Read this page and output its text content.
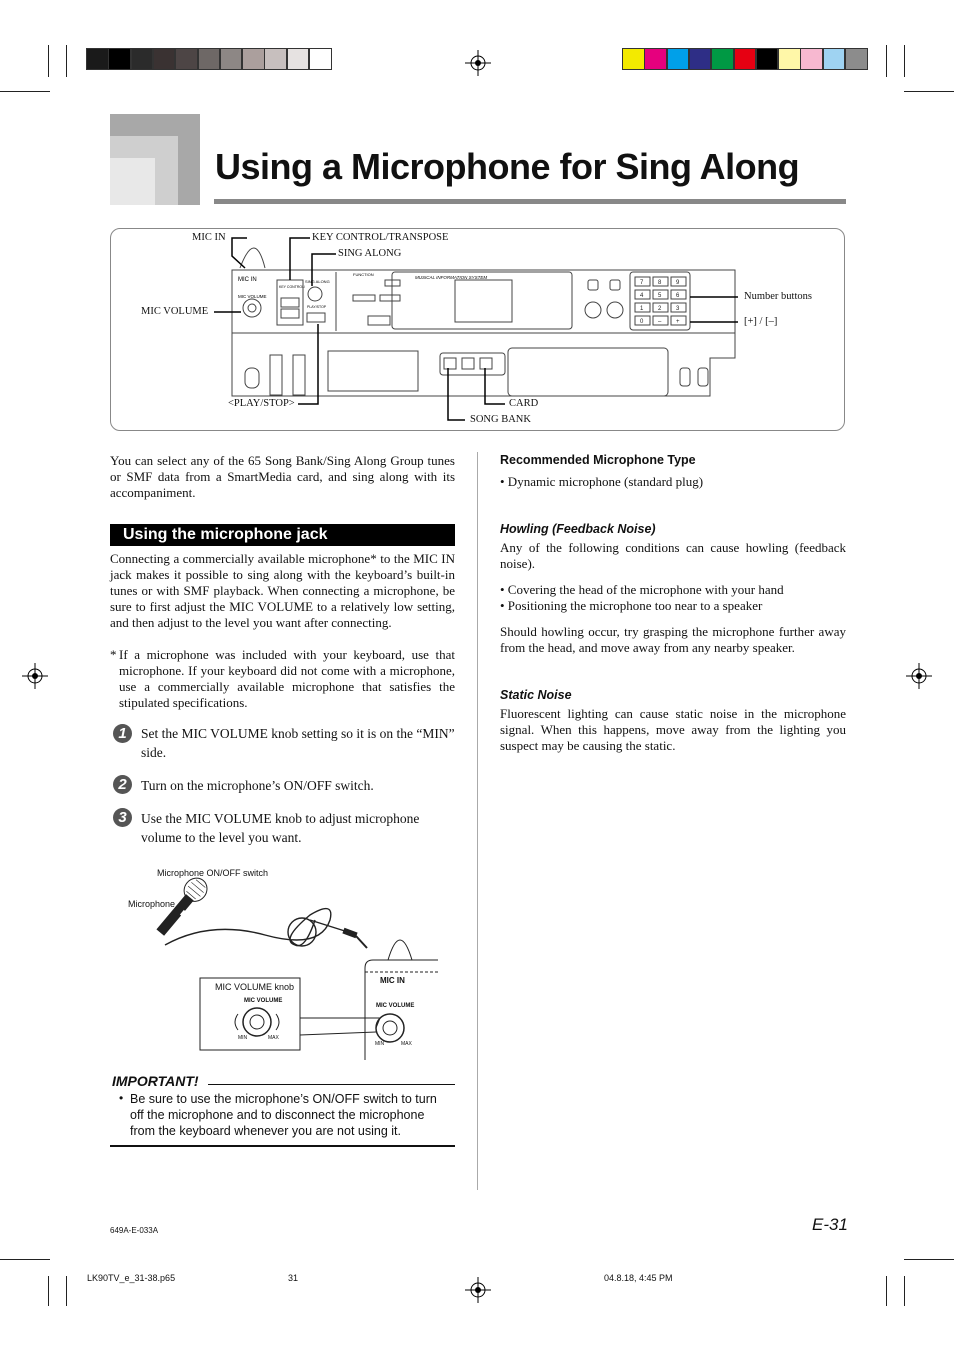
Using a Microphone for Sing Along
MIC IN
MIC VOLUME
KEY CONTROL/
SING ALONG
PLAY/STOP
FUNCTION
MUSICAL INFORMATION SYSTEM
7 8 9
4 5 6
1 2 3
0 – +
MIC IN	KEY CONTROL/TRANSPOSE
SING ALONG
MIC VOLUME
Number buttons
[+] / [–]
<PLAY/STOP>	CARD
SONG BANK
You can select any of the 65 Song Bank/Sing Along Group tunes or SMF data from a SmartMedia card, and sing along with its accompaniment.
Using the microphone jack
Connecting a commercially available microphone* to the MIC IN jack makes it possible to sing along with the keyboard’s built-in tunes or with SMF playback. When connecting a microphone, be sure to first adjust the MIC VOLUME to a relatively low setting, and then adjust to the level you want after connecting.
* If a microphone was included with your keyboard, use that microphone. If your keyboard did not come with a microphone, use a commercially available microphone that satisfies the stipulated specifications.
1	Set the MIC VOLUME knob setting so it is on the “MIN” side.
2	Turn on the microphone’s ON/OFF switch.
3	Use the MIC VOLUME knob to adjust microphone volume to the level you want.
Microphone ON/OFF switch
Microphone
MIC VOLUME knob
MIC VOLUME
MIN	MAX
MIC IN
MIC VOLUME
MIN	MAX
IMPORTANT!
• Be sure to use the microphone’s ON/OFF switch to turn off the microphone and to disconnect the microphone from the keyboard whenever you are not using it.
Recommended Microphone Type
• Dynamic microphone (standard plug)
Howling (Feedback Noise)
Any of the following conditions can cause howling (feedback noise).
• Covering the head of the microphone with your hand
• Positioning the microphone too near to a speaker
Should howling occur, try grasping the microphone further away from the head, and move away from any nearby speaker.
Static Noise
Fluorescent lighting can cause static noise in the microphone signal. When this happens, move away from the lighting you suspect may be causing the static.
E-31
649A-E-033A
LK90TV_e_31-38.p65	31	04.8.18, 4:45 PM
